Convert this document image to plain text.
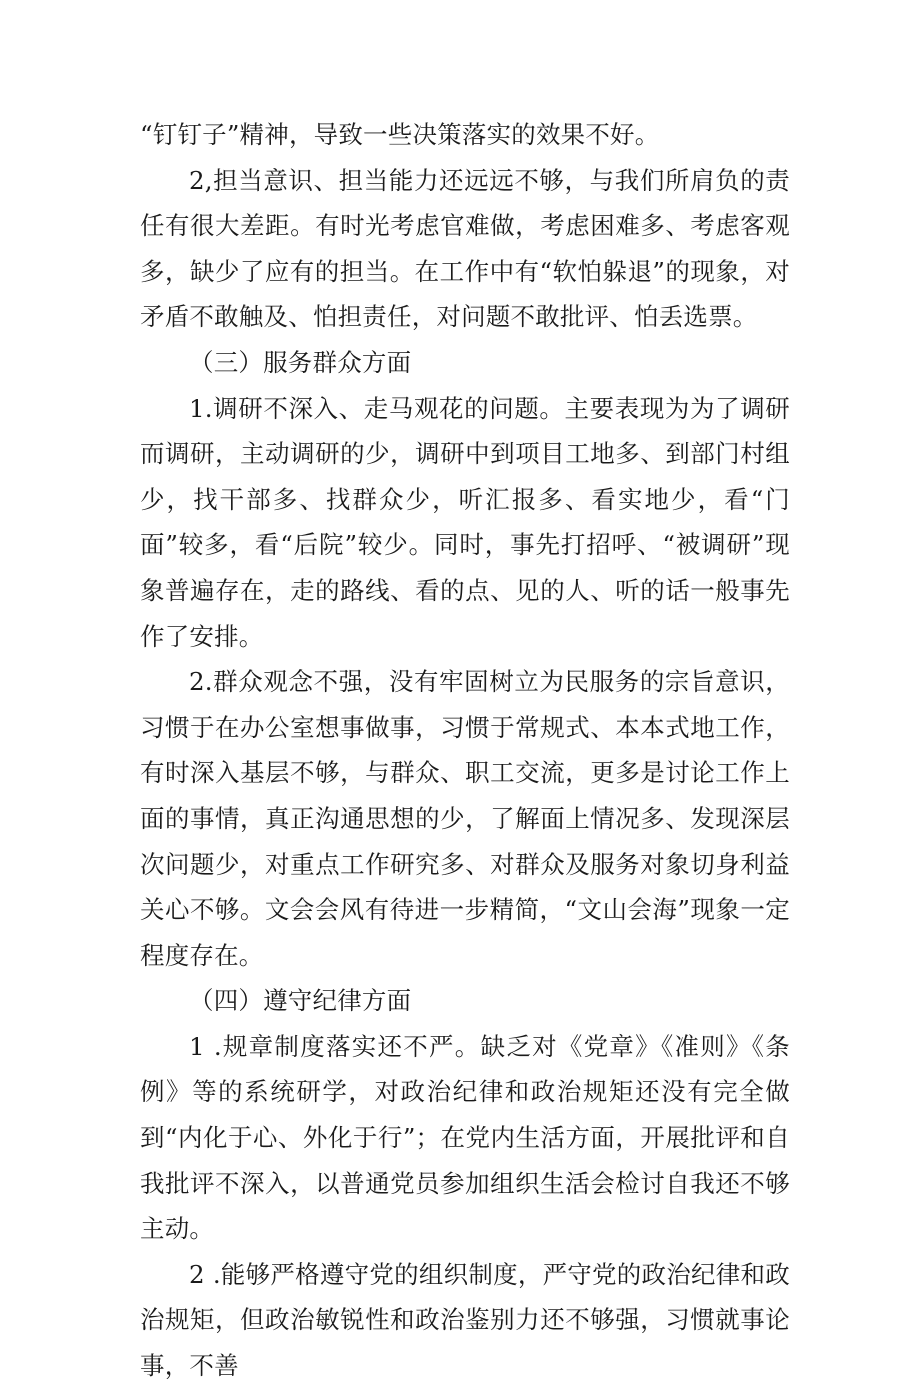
“钉钉子”精神，导致一些决策落实的效果不好。

2,担当意识、担当能力还远远不够，与我们所肩负的责任有很大差距。有时光考虑官难做，考虑困难多、考虑客观多，缺少了应有的担当。在工作中有“软怕躲退”的现象，对矛盾不敢触及、怕担责任，对问题不敢批评、怕丢选票。

（三）服务群众方面

1.调研不深入、走马观花的问题。主要表现为为了调研而调研，主动调研的少，调研中到项目工地多、到部门村组少，找干部多、找群众少，听汇报多、看实地少，看“门面”较多，看“后院”较少。同时，事先打招呼、“被调研”现象普遍存在，走的路线、看的点、见的人、听的话一般事先作了安排。

2.群众观念不强，没有牢固树立为民服务的宗旨意识，习惯于在办公室想事做事，习惯于常规式、本本式地工作，有时深入基层不够，与群众、职工交流，更多是讨论工作上面的事情，真正沟通思想的少，了解面上情况多、发现深层次问题少，对重点工作研究多、对群众及服务对象切身利益关心不够。文会会风有待进一步精简，“文山会海”现象一定程度存在。

（四）遵守纪律方面

1 .规章制度落实还不严。缺乏对《党章》《准则》《条例》等的系统研学，对政治纪律和政治规矩还没有完全做到“内化于心、外化于行”；在党内生活方面，开展批评和自我批评不深入，以普通党员参加组织生活会检讨自我还不够主动。

2 .能够严格遵守党的组织制度，严守党的政治纪律和政治规矩，但政治敏锐性和政治鉴别力还不够强，习惯就事论事，不善
